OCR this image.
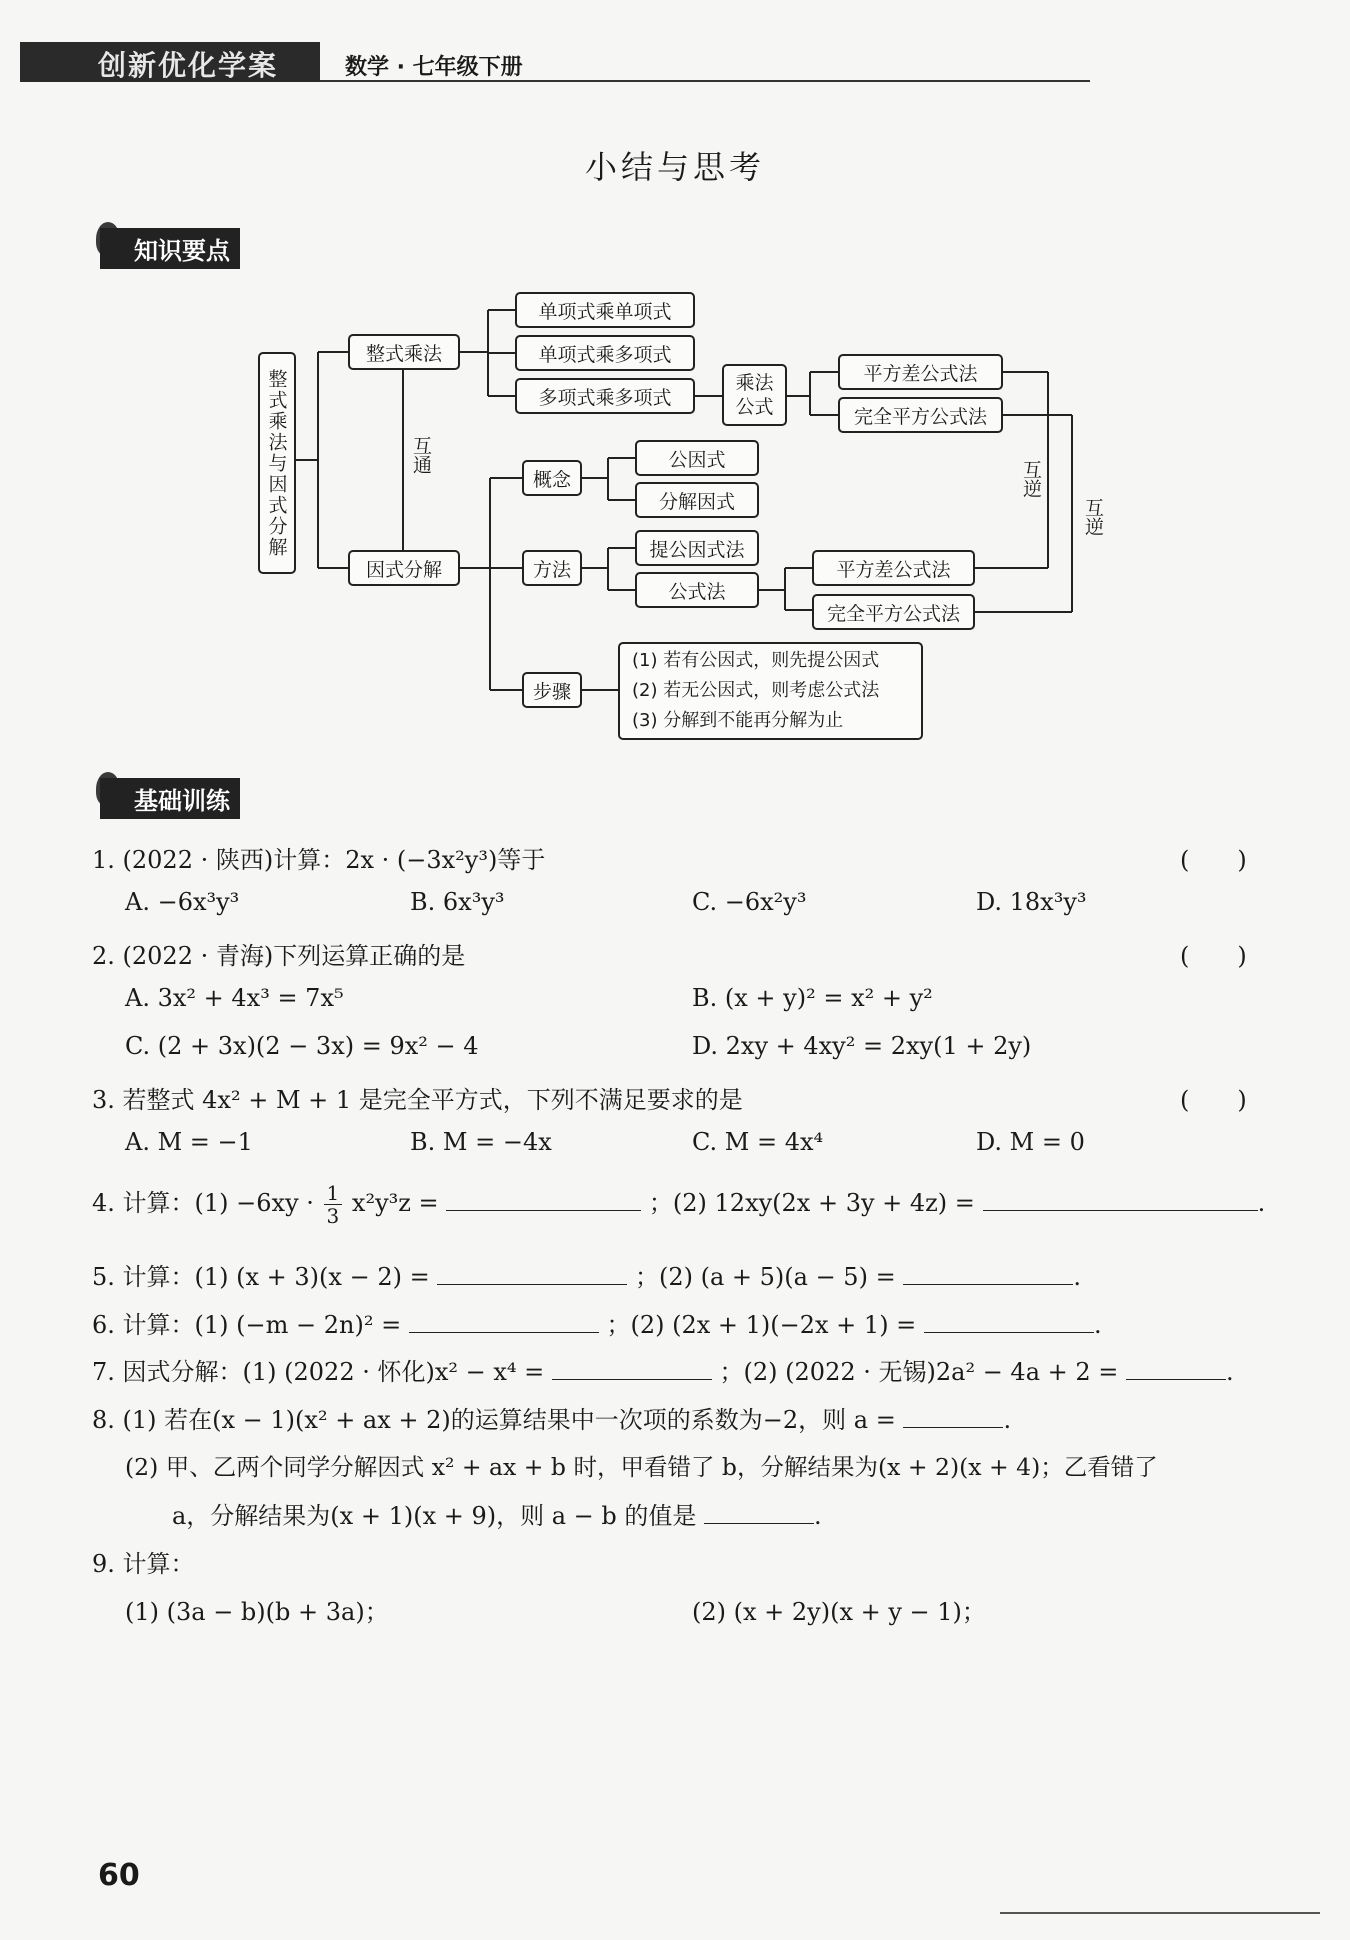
创新优化学案	数学 · 七年级下册
小结与思考
知识要点
整式乘法与因式分解
整式乘法
因式分解
互通
单项式乘单项式
单项式乘多项式
多项式乘多项式
乘法
公式
平方差公式法
完全平方公式法
概念
公因式
分解因式
方法
提公因式法
公式法
平方差公式法
完全平方公式法
互逆
互逆
步骤
(1) 若有公因式，则先提公因式
(2) 若无公因式，则考虑公式法
(3) 分解到不能再分解为止
基础训练
1. (2022 · 陕西)计算：2x · (−3x²y³)等于	(　　)
A. −6x³y³	B. 6x³y³	C. −6x²y³	D. 18x³y³
2. (2022 · 青海)下列运算正确的是	(　　)
A. 3x² + 4x³ = 7x⁵	B. (x + y)² = x² + y²
C. (2 + 3x)(2 − 3x) = 9x² − 4	D. 2xy + 4xy² = 2xy(1 + 2y)
3. 若整式 4x² + M + 1 是完全平方式，下列不满足要求的是	(　　)
A. M = −1	B. M = −4x	C. M = 4x⁴	D. M = 0
4. 计算：$(1) -6xy \cdot \frac{1}{3} x^2y^3z$ =	；(2) 12xy(2x + 3y + 4z) =	.
5. 计算：(1) (x + 3)(x − 2) =	；(2) (a + 5)(a − 5) =	.
6. 计算：(1) (−m − 2n)² =	；(2) (2x + 1)(−2x + 1) =	.
7. 因式分解：(1) (2022 · 怀化)x² − x⁴ =	；(2) (2022 · 无锡)2a² − 4a + 2 =	.
8. (1) 若在(x − 1)(x² + ax + 2)的运算结果中一次项的系数为−2，则 a =	.
(2) 甲、乙两个同学分解因式 x² + ax + b 时，甲看错了 b，分解结果为(x + 2)(x + 4)；乙看错了
a，分解结果为(x + 1)(x + 9)，则 a − b 的值是	.
9. 计算：
(1) (3a − b)(b + 3a)；	(2) (x + 2y)(x + y − 1)；
60
